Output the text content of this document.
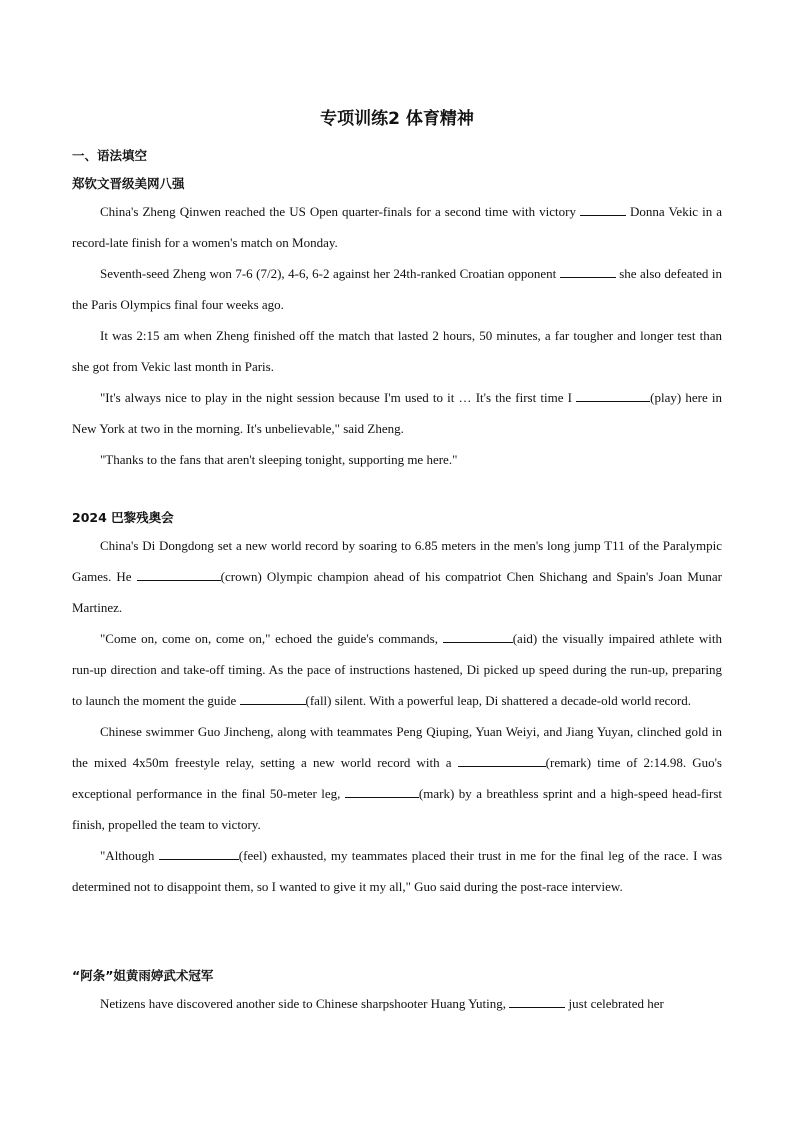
专项训练2 体育精神
一、语法填空
郑钦文晋级美网八强

China's Zheng Qinwen reached the US Open quarter-finals for a second time with victory	Donna Vekic in a record-late finish for a women's match on Monday.

Seventh-seed Zheng won 7-6 (7/2), 4-6, 6-2 against her 24th-ranked Croatian opponent	she also defeated in the Paris Olympics final four weeks ago.

It was 2:15 am when Zheng finished off the match that lasted 2 hours, 50 minutes, a far tougher and longer test than she got from Vekic last month in Paris.

"It's always nice to play in the night session because I'm used to it … It's the first time I	(play) here in New York at two in the morning. It's unbelievable," said Zheng.

"Thanks to the fans that aren't sleeping tonight, supporting me here."

2024 巴黎残奥会

China's Di Dongdong set a new world record by soaring to 6.85 meters in the men's long jump T11 of the Paralympic Games. He	(crown) Olympic champion ahead of his compatriot Chen Shichang and Spain's Joan Munar Martinez.

"Come on, come on, come on," echoed the guide's commands,	(aid) the visually impaired athlete with run-up direction and take-off timing. As the pace of instructions hastened, Di picked up speed during the run-up, preparing to launch the moment the guide	(fall) silent. With a powerful leap, Di shattered a decade-old world record.

Chinese swimmer Guo Jincheng, along with teammates Peng Qiuping, Yuan Weiyi, and Jiang Yuyan, clinched gold in the mixed 4x50m freestyle relay, setting a new world record with a	(remark) time of 2:14.98. Guo's exceptional performance in the final 50-meter leg,	(mark) by a breathless sprint and a high-speed head-first finish, propelled the team to victory.

"Although	(feel) exhausted, my teammates placed their trust in me for the final leg of the race. I was determined not to disappoint them, so I wanted to give it my all," Guo said during the post-race interview.

“阿条”姐黄雨婷武术冠军

Netizens have discovered another side to Chinese sharpshooter Huang Yuting,	just celebrated her
